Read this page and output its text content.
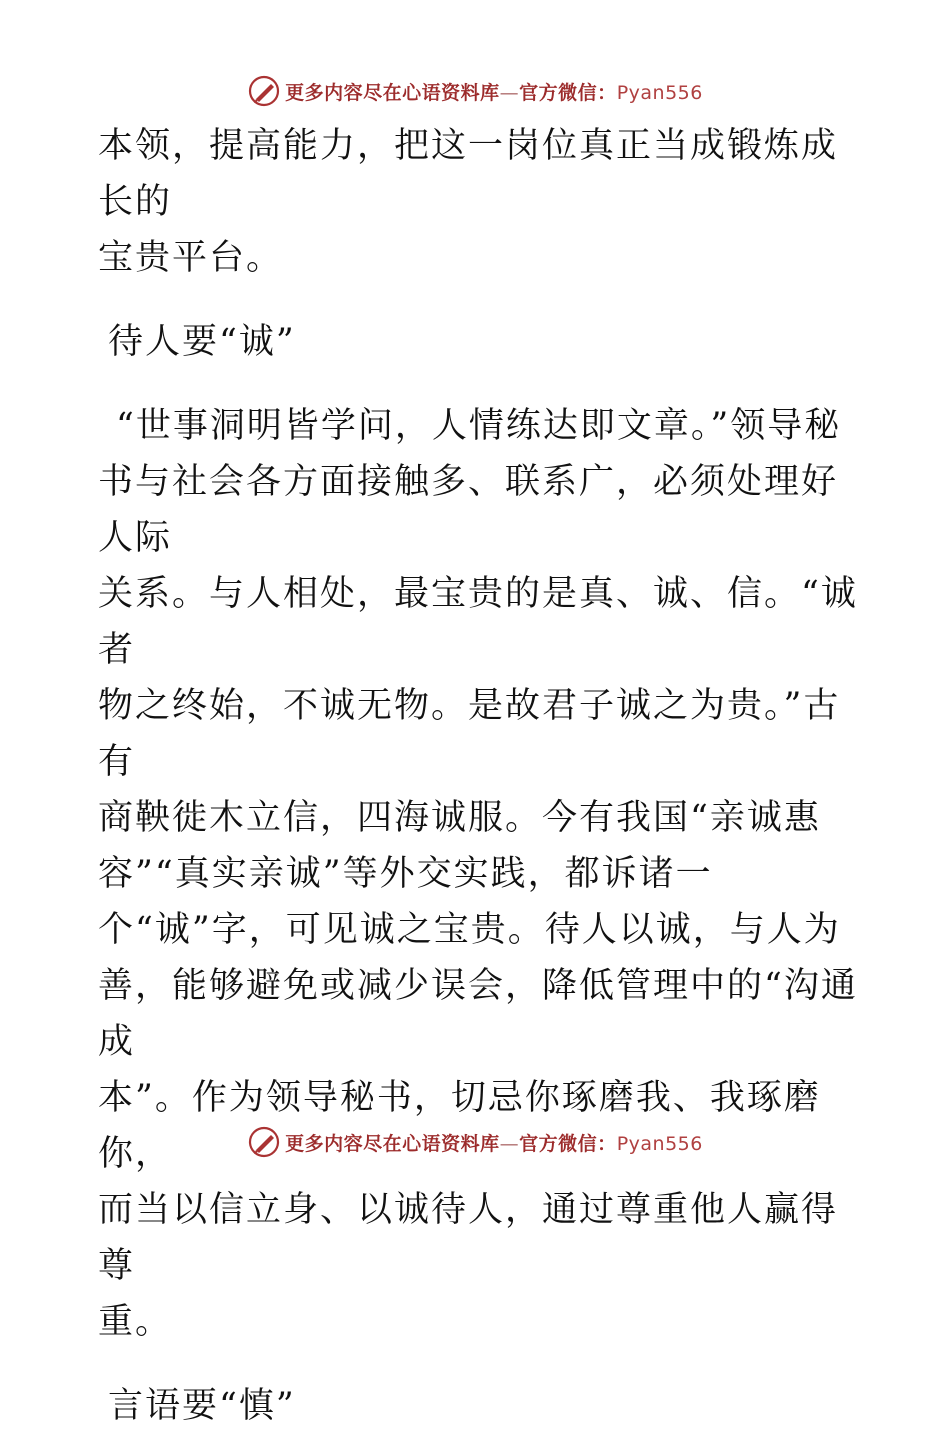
更多内容尽在心语资料库—官方微信：Pyan556

本领，提高能力，把这一岗位真正当成锻炼成长的

宝贵平台。

待人要“诚”

“世事洞明皆学问，人情练达即文章。”领导秘

书与社会各方面接触多、联系广，必须处理好人际

关系。与人相处，最宝贵的是真、诚、信。“诚者

物之终始，不诚无物。是故君子诚之为贵。”古有

商鞅徙木立信，四海诚服。今有我国“亲诚惠

容”“真实亲诚”等外交实践，都诉诸一

个“诚”字，可见诚之宝贵。待人以诚，与人为

善，能够避免或减少误会，降低管理中的“沟通成

本”。作为领导秘书，切忌你琢磨我、我琢磨你，

而当以信立身、以诚待人，通过尊重他人赢得尊

重。

言语要“慎”

更多内容尽在心语资料库—官方微信：Pyan556
